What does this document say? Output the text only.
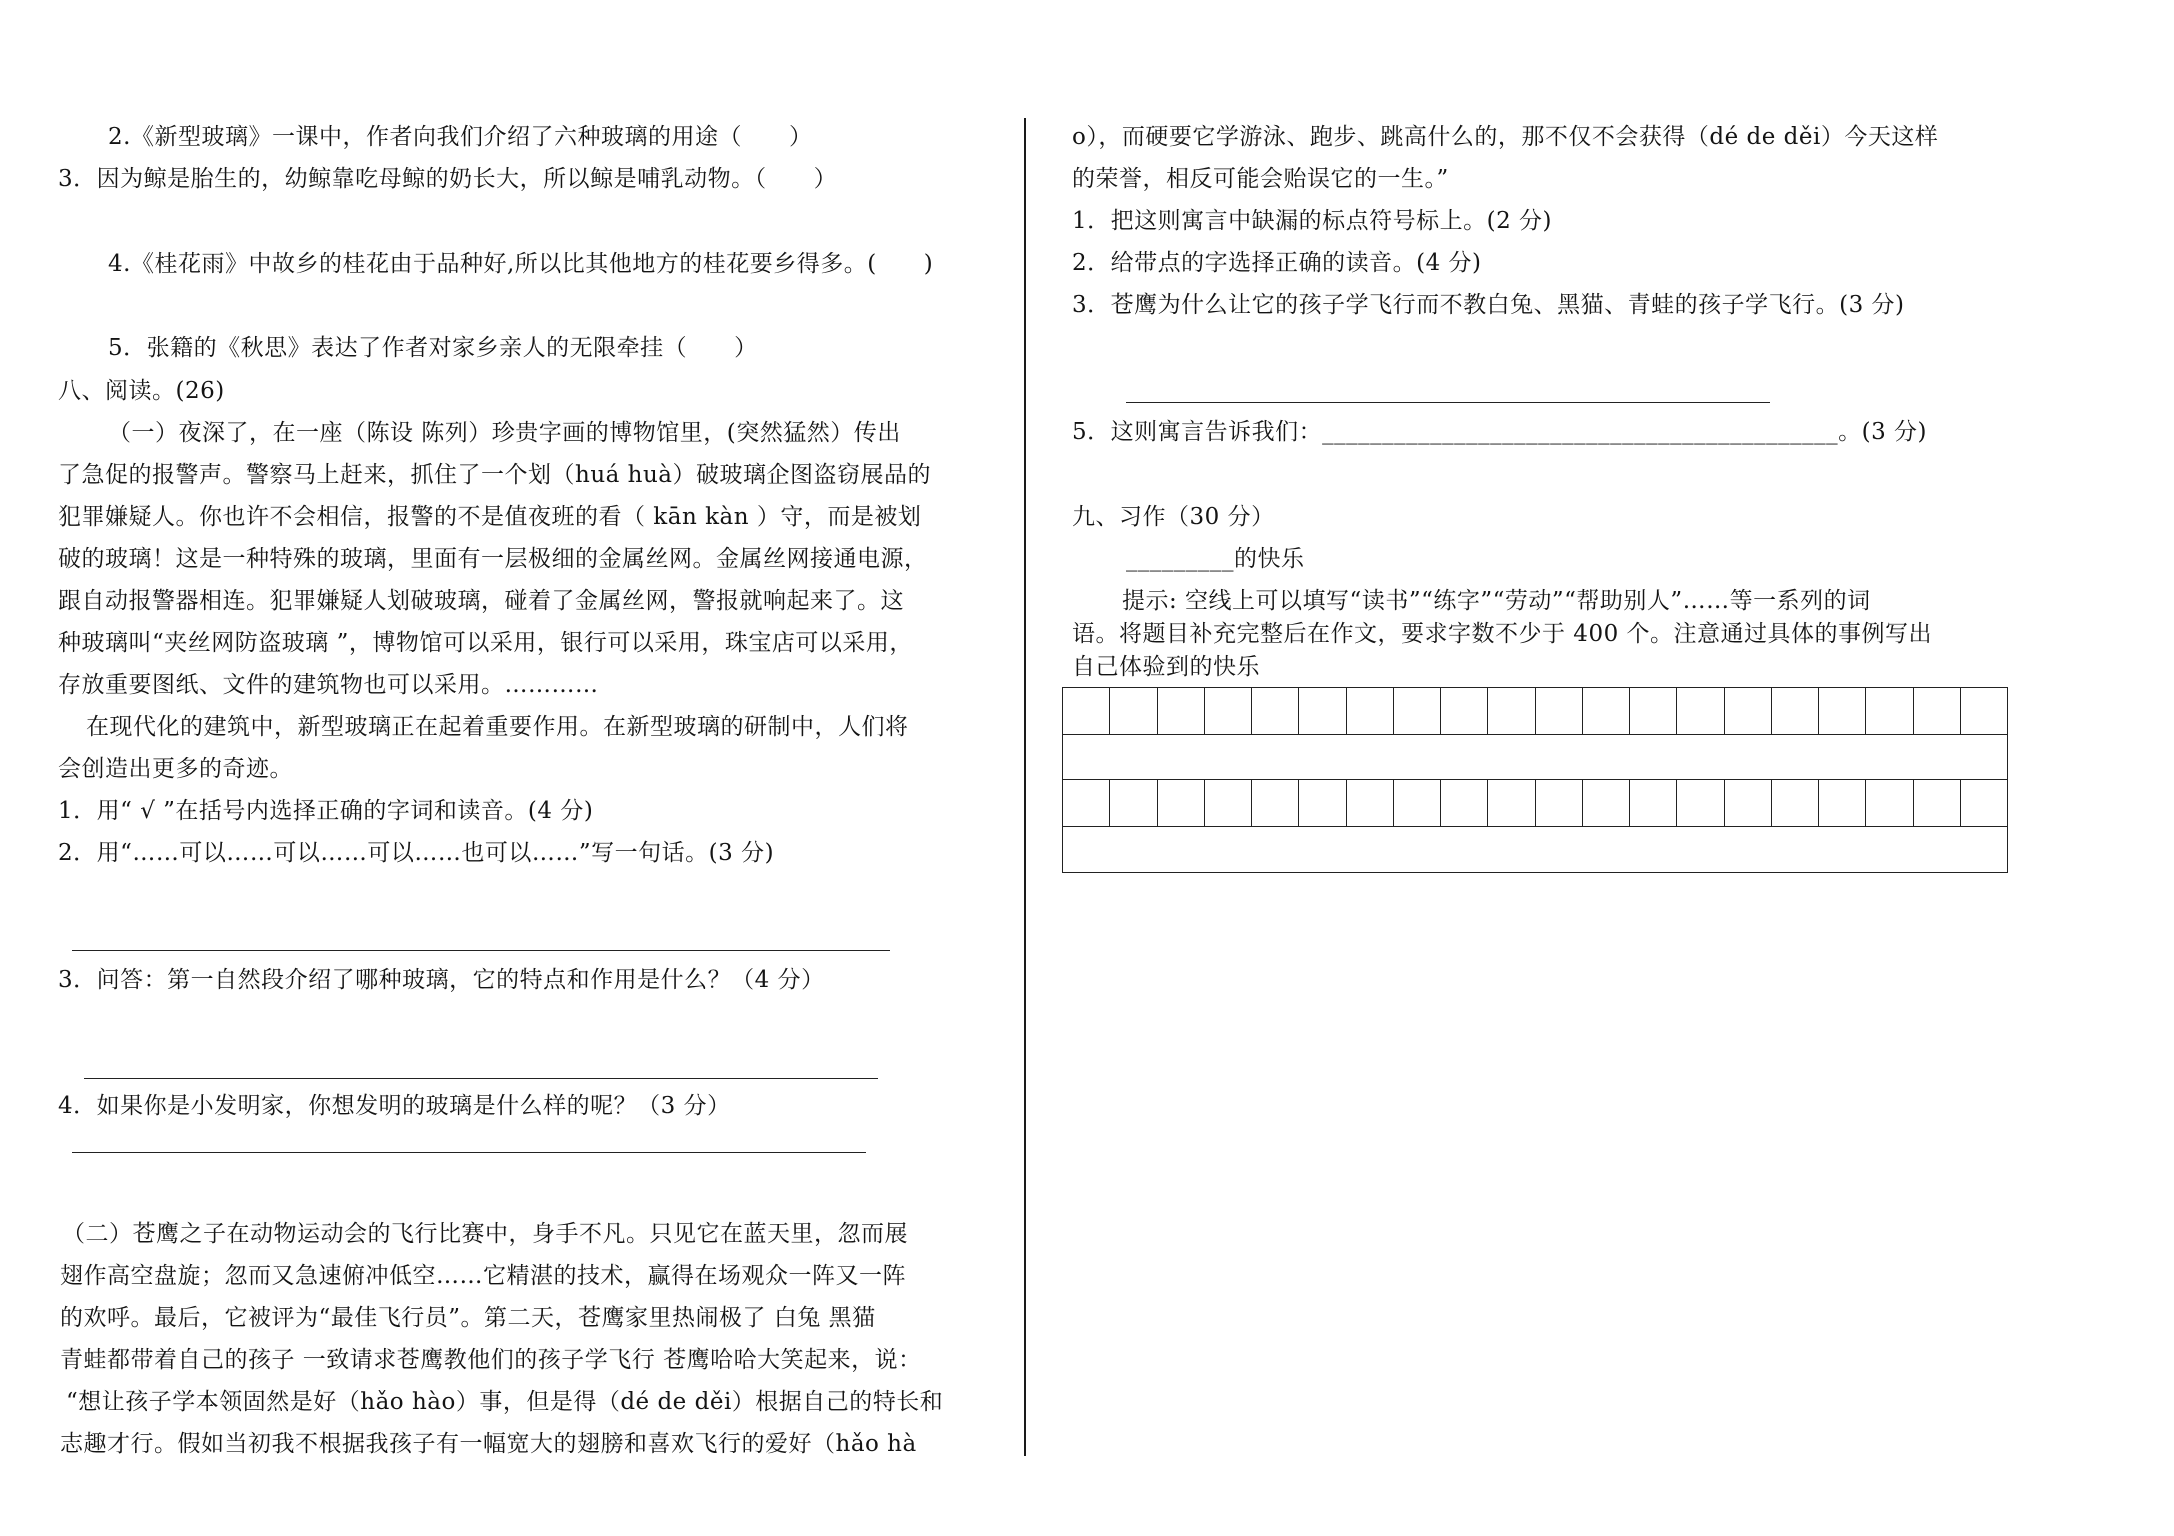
2.《新型玻璃》一课中，作者向我们介绍了六种玻璃的用途（　　）
3．因为鲸是胎生的，幼鲸靠吃母鲸的奶长大，所以鲸是哺乳动物。（　　）
4.《桂花雨》中故乡的桂花由于品种好,所以比其他地方的桂花要乡得多。(　　)
5．张籍的《秋思》表达了作者对家乡亲人的无限牵挂（　　）
八、阅读。(26)
（一）夜深了，在一座（陈设 陈列）珍贵字画的博物馆里，(突然猛然）传出
了急促的报警声。警察马上赶来，抓住了一个划（huá huà）破玻璃企图盗窃展品的
犯罪嫌疑人。你也许不会相信，报警的不是值夜班的看（ kān kàn ）守，而是被划
破的玻璃！这是一种特殊的玻璃，里面有一层极细的金属丝网。金属丝网接通电源，
跟自动报警器相连。犯罪嫌疑人划破玻璃，碰着了金属丝网，警报就响起来了。这
种玻璃叫“夹丝网防盗玻璃 ”，博物馆可以采用，银行可以采用，珠宝店可以采用，
存放重要图纸、文件的建筑物也可以采用。…………
在现代化的建筑中，新型玻璃正在起着重要作用。在新型玻璃的研制中，人们将
会创造出更多的奇迹。
1．用“ √ ”在括号内选择正确的字词和读音。(4 分)
2．用“……可以……可以……可以……也可以……”写一句话。(3 分)
3．问答：第一自然段介绍了哪种玻璃，它的特点和作用是什么？（4 分）
4．如果你是小发明家，你想发明的玻璃是什么样的呢？（3 分）
（二）苍鹰之子在动物运动会的飞行比赛中，身手不凡。只见它在蓝天里，忽而展
翅作高空盘旋；忽而又急速俯冲低空……它精湛的技术，赢得在场观众一阵又一阵
的欢呼。最后，它被评为“最佳飞行员”。第二天，苍鹰家里热闹极了 白兔 黑猫
青蛙都带着自己的孩子 一致请求苍鹰教他们的孩子学飞行 苍鹰哈哈大笑起来，说：
“想让孩子学本领固然是好（hǎo hào）事，但是得（dé de děi）根据自己的特长和
志趣才行。假如当初我不根据我孩子有一幅宽大的翅膀和喜欢飞行的爱好（hǎo hà
o），而硬要它学游泳、跑步、跳高什么的，那不仅不会获得（dé de děi）今天这样
的荣誉，相反可能会贻误它的一生。”
1．把这则寓言中缺漏的标点符号标上。(2 分)
2．给带点的字选择正确的读音。(4 分)
3．苍鹰为什么让它的孩子学飞行而不教白兔、黑猫、青蛙的孩子学飞行。(3 分)
5．这则寓言告诉我们：___________________________________________。(3 分)
九、习作（30 分）
_________的快乐
提示: 空线上可以填写“读书”“练字”“劳动”“帮助别人”……等一系列的词
语。将题目补充完整后在作文，要求字数不少于 400 个。注意通过具体的事例写出
自己体验到的快乐
